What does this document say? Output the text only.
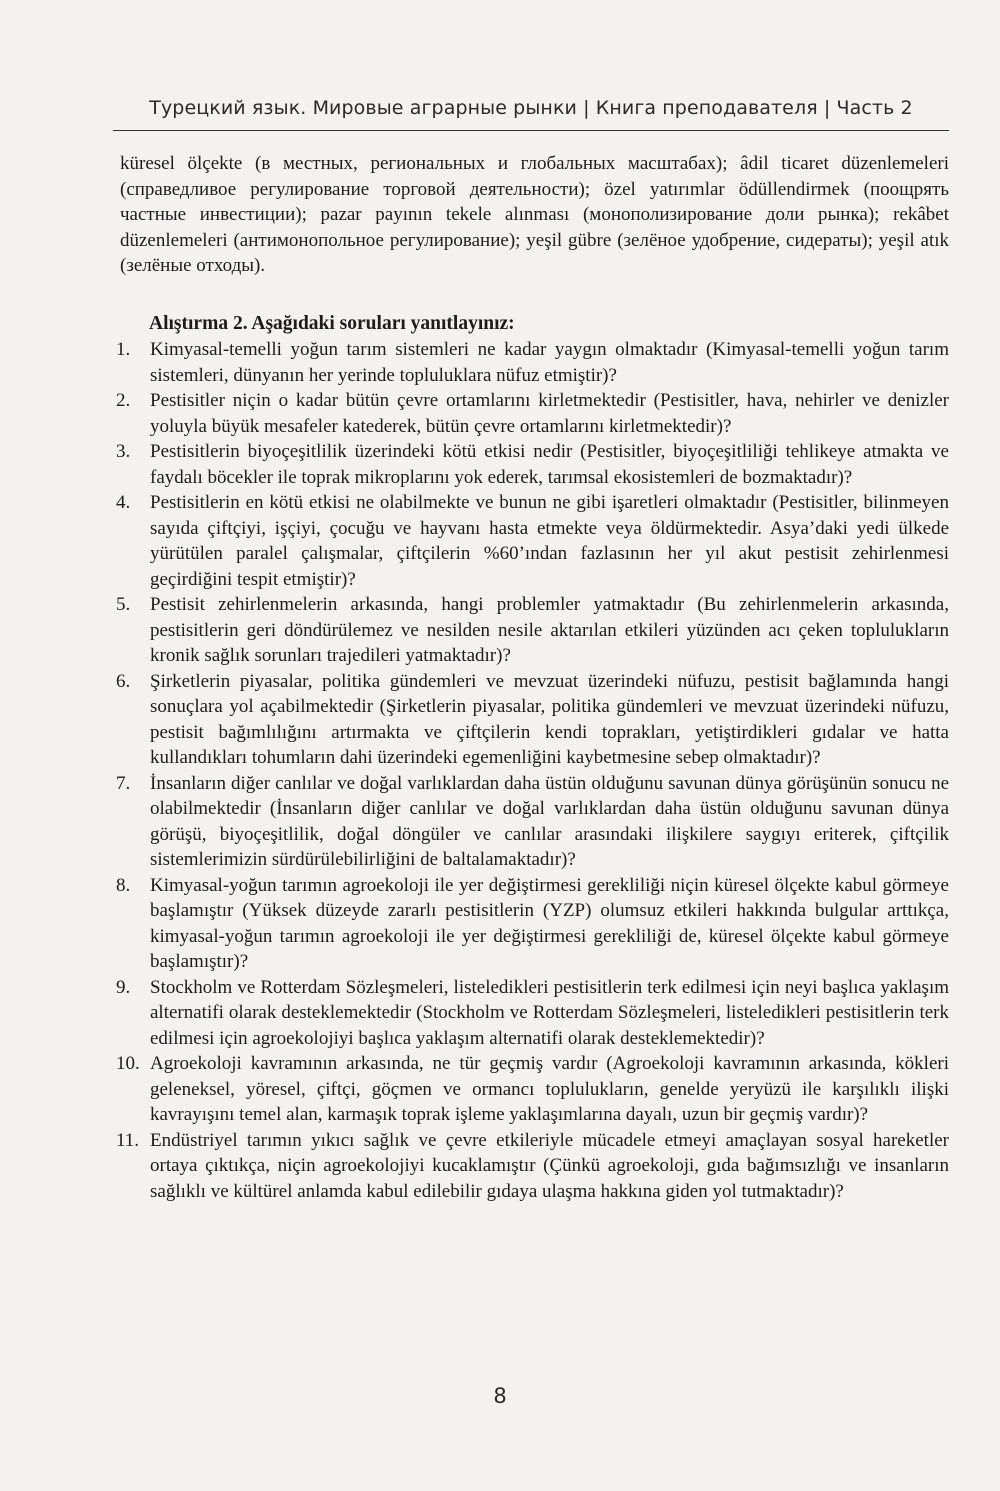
Турецкий язык. Мировые аграрные рынки | Книга преподавателя | Часть 2

küresel ölçekte (в местных, региональных и глобальных масштабах); âdil ticaret düzenlemeleri (справедливое регулирование торговой деятельности); özel yatırımlar ödüllendirmek (поощрять частные инвестиции); pazar payının tekele alınması (монополизирование доли рынка); rekâbet düzenlemeleri (антимонопольное регулирование); yeşil gübre (зелёное удобрение, сидераты); yeşil atık (зелёные отходы).

Alıştırma 2. Aşağıdaki soruları yanıtlayınız:
1.	Kimyasal-temelli yoğun tarım sistemleri ne kadar yaygın olmaktadır (Kimyasal-temelli yoğun tarım sistemleri, dünyanın her yerinde topluluklara nüfuz etmiştir)?
2.	Pestisitler niçin o kadar bütün çevre ortamlarını kirletmektedir (Pestisitler, hava, nehirler ve denizler yoluyla büyük mesafeler katederek, bütün çevre ortamlarını kirletmektedir)?
3.	Pestisitlerin biyoçeşitlilik üzerindeki kötü etkisi nedir (Pestisitler, biyoçeşitliliği tehlikeye atmakta ve faydalı böcekler ile toprak mikroplarını yok ederek, tarımsal ekosistemleri de bozmaktadır)?
4.	Pestisitlerin en kötü etkisi ne olabilmekte ve bunun ne gibi işaretleri olmaktadır (Pestisitler, bilinmeyen sayıda çiftçiyi, işçiyi, çocuğu ve hayvanı hasta etmekte veya öldürmektedir. Asya’daki yedi ülkede yürütülen paralel çalışmalar, çiftçilerin %60’ından fazlasının her yıl akut pestisit zehirlenmesi geçirdiğini tespit etmiştir)?
5.	Pestisit zehirlenmelerin arkasında, hangi problemler yatmaktadır (Bu zehirlenmelerin arkasında, pestisitlerin geri döndürülemez ve nesilden nesile aktarılan etkileri yüzünden acı çeken toplulukların kronik sağlık sorunları trajedileri yatmaktadır)?
6.	Şirketlerin piyasalar, politika gündemleri ve mevzuat üzerindeki nüfuzu, pestisit bağlamında hangi sonuçlara yol açabilmektedir (Şirketlerin piyasalar, politika gündemleri ve mevzuat üzerindeki nüfuzu, pestisit bağımlılığını artırmakta ve çiftçilerin kendi toprakları, yetiştirdikleri gıdalar ve hatta kullandıkları tohumların dahi üzerindeki egemenliğini kaybetmesine sebep olmaktadır)?
7.	İnsanların diğer canlılar ve doğal varlıklardan daha üstün olduğunu savunan dünya görüşünün sonucu ne olabilmektedir (İnsanların diğer canlılar ve doğal varlıklardan daha üstün olduğunu savunan dünya görüşü, biyoçeşitlilik, doğal döngüler ve canlılar arasındaki ilişkilere saygıyı eriterek, çiftçilik sistemlerimizin sürdürülebilirliğini de baltalamaktadır)?
8.	Kimyasal-yoğun tarımın agroekoloji ile yer değiştirmesi gerekliliği niçin küresel ölçekte kabul görmeye başlamıştır (Yüksek düzeyde zararlı pestisitlerin (YZP) olumsuz etkileri hakkında bulgular arttıkça, kimyasal-yoğun tarımın agroekoloji ile yer değiştirmesi gerekliliği de, küresel ölçekte kabul görmeye başlamıştır)?
9.	Stockholm ve Rotterdam Sözleşmeleri, listeledikleri pestisitlerin terk edilmesi için neyi başlıca yaklaşım alternatifi olarak desteklemektedir (Stockholm ve Rotterdam Sözleşmeleri, listeledikleri pestisitlerin terk edilmesi için agroekolojiyi başlıca yaklaşım alternatifi olarak desteklemektedir)?
10. Agroekoloji kavramının arkasında, ne tür geçmiş vardır (Agroekoloji kavramının arkasında, kökleri geleneksel, yöresel, çiftçi, göçmen ve ormancı toplulukların, genelde yeryüzü ile karşılıklı ilişki kavrayışını temel alan, karmaşık toprak işleme yaklaşımlarına dayalı, uzun bir geçmiş vardır)?
11. Endüstriyel tarımın yıkıcı sağlık ve çevre etkileriyle mücadele etmeyi amaçlayan sosyal hareketler ortaya çıktıkça, niçin agroekolojiyi kucaklamıştır (Çünkü agroekoloji, gıda bağımsızlığı ve insanların sağlıklı ve kültürel anlamda kabul edilebilir gıdaya ulaşma hakkına giden yol tutmaktadır)?
8
